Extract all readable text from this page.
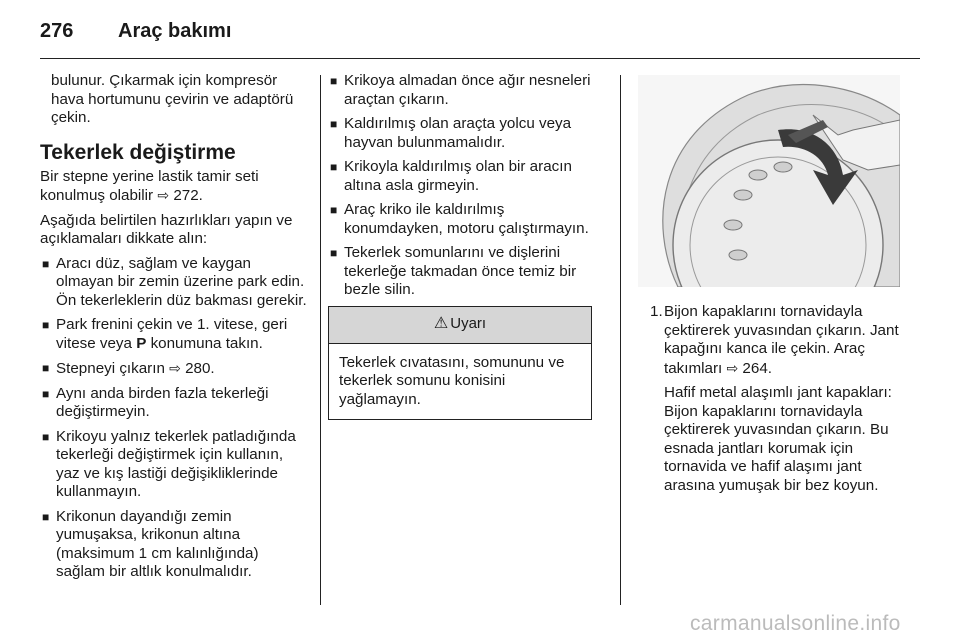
276 Araç bakımı

bulunur. Çıkarmak için kompresör

hava hortumunu çevirin ve adaptörü

çekin.

Tekerlek değiştirme

Bir stepne yerine lastik tamir seti konulmuş olabilir ⇨ 272.

Aşağıda belirtilen hazırlıkları yapın ve açıklamaları dikkate alın:

■ Aracı düz, sağlam ve kaygan olmayan bir zemin üzerine park edin. Ön tekerleklerin düz bakması gerekir.
■ Park frenini çekin ve 1. vitese, geri vitese veya P konumuna takın.
■ Stepneyi çıkarın ⇨ 280.
■ Aynı anda birden fazla tekerleği değiştirmeyin.
■ Krikoyu yalnız tekerlek patladığında tekerleği değiştirmek için kullanın, yaz ve kış lastiği değişikliklerinde kullanmayın.
■ Krikonun dayandığı zemin yumuşaksa, krikonun altına (maksimum 1 cm kalınlığında) sağlam bir altlık konulmalıdır.
■ Krikoya almadan önce ağır nesneleri araçtan çıkarın.
■ Kaldırılmış olan araçta yolcu veya hayvan bulunmamalıdır.
■ Krikoyla kaldırılmış olan bir aracın altına asla girmeyin.
■ Araç kriko ile kaldırılmış konumdayken, motoru çalıştırmayın.
■ Tekerlek somunlarını ve dişlerini tekerleğe takmadan önce temiz bir bezle silin.
⚠ Uyarı
Tekerlek cıvatasını, somununu ve tekerlek somunu konisini yağlamayın.
1. Bijon kapaklarını tornavidayla çektirerek yuvasından çıkarın. Jant kapağını kanca ile çekin. Araç takımları ⇨ 264.

Hafif metal alaşımlı jant kapakları: Bijon kapaklarını tornavidayla çektirerek yuvasından çıkarın. Bu esnada jantları korumak için tornavida ve hafif alaşımı jant arasına yumuşak bir bez koyun.

carmanualsonline.info
